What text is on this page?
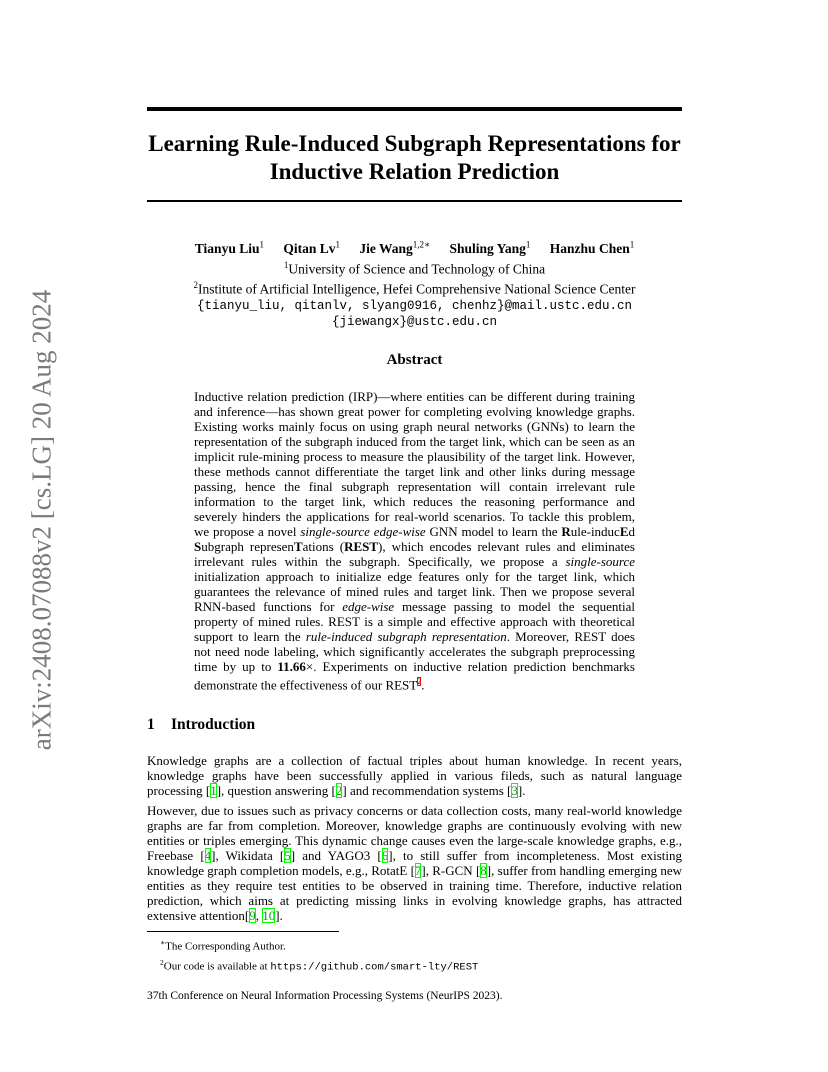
arXiv:2408.07088v2 [cs.LG] 20 Aug 2024
Learning Rule-Induced Subgraph Representations for Inductive Relation Prediction
Tianyu Liu$^1$ Qitan Lv$^1$ Jie Wang$^{1,2∗}$ Shuling Yang$^1$ Hanzhu Chen$^1$
$^1$University of Science and Technology of China
$^2$Institute of Artificial Intelligence, Hefei Comprehensive National Science Center
{tianyu_liu, qitanlv, slyang0916, chenhz}@mail.ustc.edu.cn
{jiewangx}@ustc.edu.cn
Abstract
Inductive relation prediction (IRP)—where entities can be different during training and inference—has shown great power for completing evolving knowledge graphs. Existing works mainly focus on using graph neural networks (GNNs) to learn the representation of the subgraph induced from the target link, which can be seen as an implicit rule-mining process to measure the plausibility of the target link. However, these methods cannot differentiate the target link and other links during message passing, hence the final subgraph representation will contain irrelevant rule information to the target link, which reduces the reasoning performance and severely hinders the applications for real-world scenarios. To tackle this problem, we propose a novel single-source edge-wise GNN model to learn the Rule-inducEd Subgraph represenTations (REST), which encodes relevant rules and eliminates irrelevant rules within the subgraph. Specifically, we propose a single-source initialization approach to initialize edge features only for the target link, which guarantees the relevance of mined rules and target link. Then we propose several RNN-based functions for edge-wise message passing to model the sequential property of mined rules. REST is a simple and effective approach with theoretical support to learn the rule-induced subgraph representation. Moreover, REST does not need node labeling, which significantly accelerates the subgraph preprocessing time by up to 11.66×. Experiments on inductive relation prediction benchmarks demonstrate the effectiveness of our REST$^2$.
1 Introduction
Knowledge graphs are a collection of factual triples about human knowledge. In recent years, knowledge graphs have been successfully applied in various fileds, such as natural language processing [1], question answering [2] and recommendation systems [3].
However, due to issues such as privacy concerns or data collection costs, many real-world knowledge graphs are far from completion. Moreover, knowledge graphs are continuously evolving with new entities or triples emerging. This dynamic change causes even the large-scale knowledge graphs, e.g., Freebase [4], Wikidata [5] and YAGO3 [6], to still suffer from incompleteness. Most existing knowledge graph completion models, e.g., RotatE [7], R-GCN [8], suffer from handling emerging new entities as they require test entities to be observed in training time. Therefore, inductive relation prediction, which aims at predicting missing links in evolving knowledge graphs, has attracted extensive attention[9, 10].
∗The Corresponding Author.
$^2$Our code is available at https://github.com/smart-lty/REST
37th Conference on Neural Information Processing Systems (NeurIPS 2023).
